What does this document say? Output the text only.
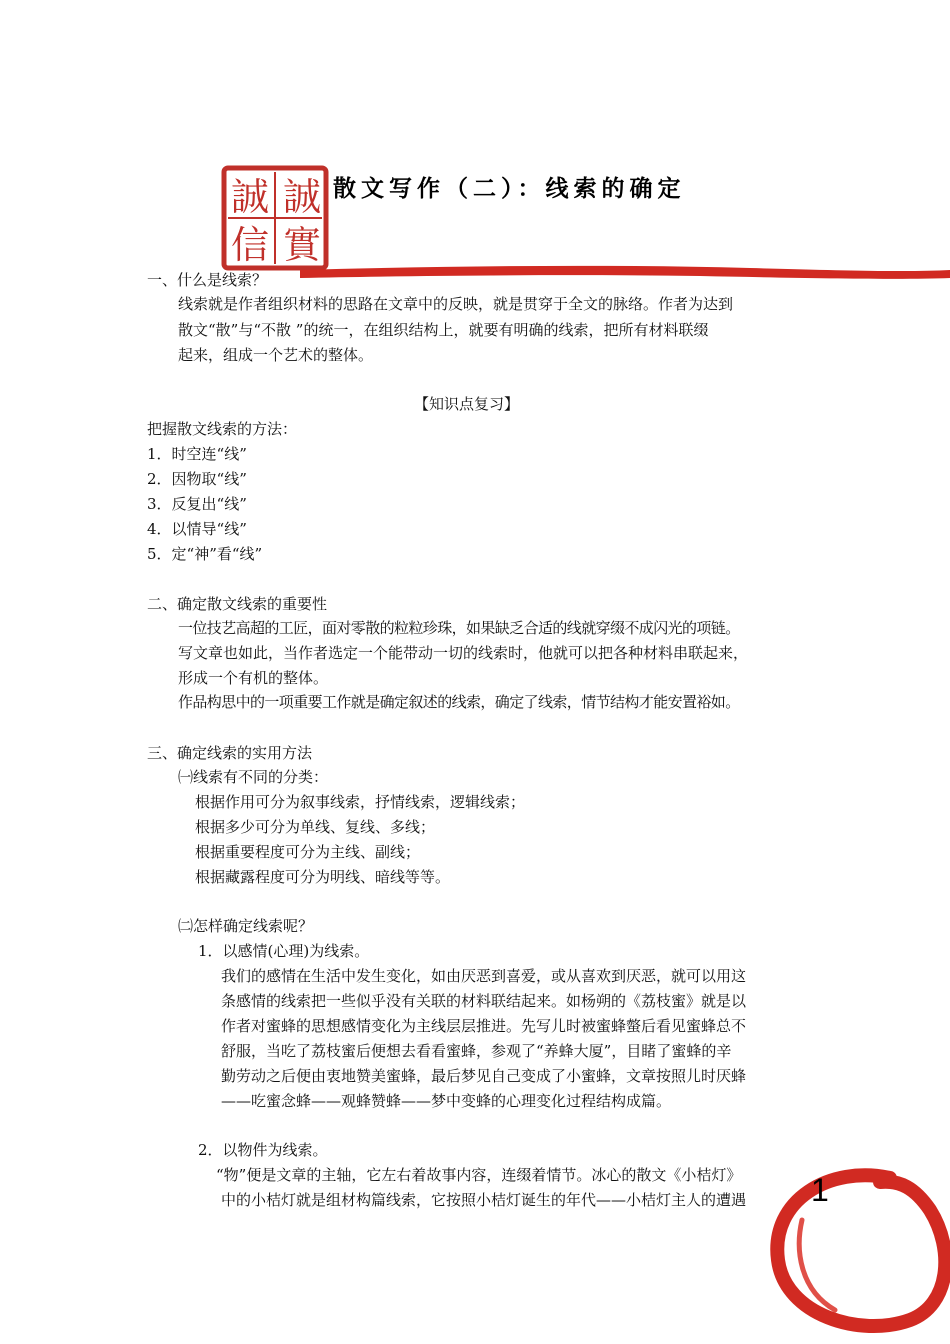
誠
誠
信 實
散文写作（二）：线索的确定
一、什么是线索？
线索就是作者组织材料的思路在文章中的反映，就是贯穿于全文的脉络。作者为达到
散文“散”与“不散 ”的统一，在组织结构上，就要有明确的线索，把所有材料联缀
起来，组成一个艺术的整体。
【知识点复习】
把握散文线索的方法：
1．时空连“线”
2．因物取“线”
3．反复出“线”
4．以情导“线”
5．定“神”看“线”
二、确定散文线索的重要性
一位技艺高超的工匠，面对零散的粒粒珍珠，如果缺乏合适的线就穿缀不成闪光的项链。
写文章也如此，当作者选定一个能带动一切的线索时，他就可以把各种材料串联起来，
形成一个有机的整体。
作品构思中的一项重要工作就是确定叙述的线索，确定了线索，情节结构才能安置裕如。
三、确定线索的实用方法
㈠线索有不同的分类：
根据作用可分为叙事线索，抒情线索，逻辑线索；
根据多少可分为单线、复线、多线；
根据重要程度可分为主线、副线；
根据藏露程度可分为明线、暗线等等。
㈡怎样确定线索呢？
1．以感情(心理)为线索。
我们的感情在生活中发生变化，如由厌恶到喜爱，或从喜欢到厌恶，就可以用这
条感情的线索把一些似乎没有关联的材料联结起来。如杨朔的《荔枝蜜》就是以
作者对蜜蜂的思想感情变化为主线层层推进。先写儿时被蜜蜂螫后看见蜜蜂总不
舒服，当吃了荔枝蜜后便想去看看蜜蜂，参观了“养蜂大厦”，目睹了蜜蜂的辛
勤劳动之后便由衷地赞美蜜蜂，最后梦见自己变成了小蜜蜂，文章按照儿时厌蜂
——吃蜜念蜂——观蜂赞蜂——梦中变蜂的心理变化过程结构成篇。
2．以物件为线索。
“物”便是文章的主轴，它左右着故事内容，连缀着情节。冰心的散文《小桔灯》
中的小桔灯就是组材构篇线索，它按照小桔灯诞生的年代——小桔灯主人的遭遇 1
